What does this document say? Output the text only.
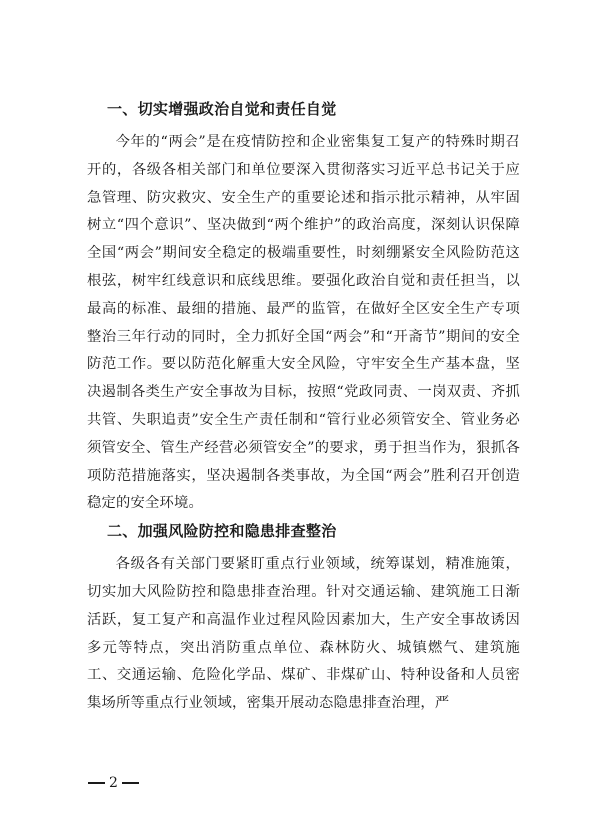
一、切实增强政治自觉和责任自觉

今年的“两会”是在疫情防控和企业密集复工复产的特殊时期召开的，各级各相关部门和单位要深入贯彻落实习近平总书记关于应急管理、防灾救灾、安全生产的重要论述和指示批示精神，从牢固树立“四个意识”、坚决做到“两个维护”的政治高度，深刻认识保障全国“两会”期间安全稳定的极端重要性，时刻绷紧安全风险防范这根弦，树牢红线意识和底线思维。要强化政治自觉和责任担当，以最高的标准、最细的措施、最严的监管，在做好全区安全生产专项整治三年行动的同时，全力抓好全国“两会”和“开斋节”期间的安全防范工作。要以防范化解重大安全风险，守牢安全生产基本盘，坚决遏制各类生产安全事故为目标，按照“党政同责、一岗双责、齐抓共管、失职追责”安全生产责任制和“管行业必须管安全、管业务必须管安全、管生产经营必须管安全”的要求，勇于担当作为，狠抓各项防范措施落实，坚决遏制各类事故，为全国“两会”胜利召开创造稳定的安全环境。

二、加强风险防控和隐患排查整治

各级各有关部门要紧盯重点行业领域，统筹谋划，精准施策，切实加大风险防控和隐患排查治理。针对交通运输、建筑施工日渐活跃，复工复产和高温作业过程风险因素加大，生产安全事故诱因多元等特点，突出消防重点单位、森林防火、城镇燃气、建筑施工、交通运输、危险化学品、煤矿、非煤矿山、特种设备和人员密集场所等重点行业领域，密集开展动态隐患排查治理，严

2
